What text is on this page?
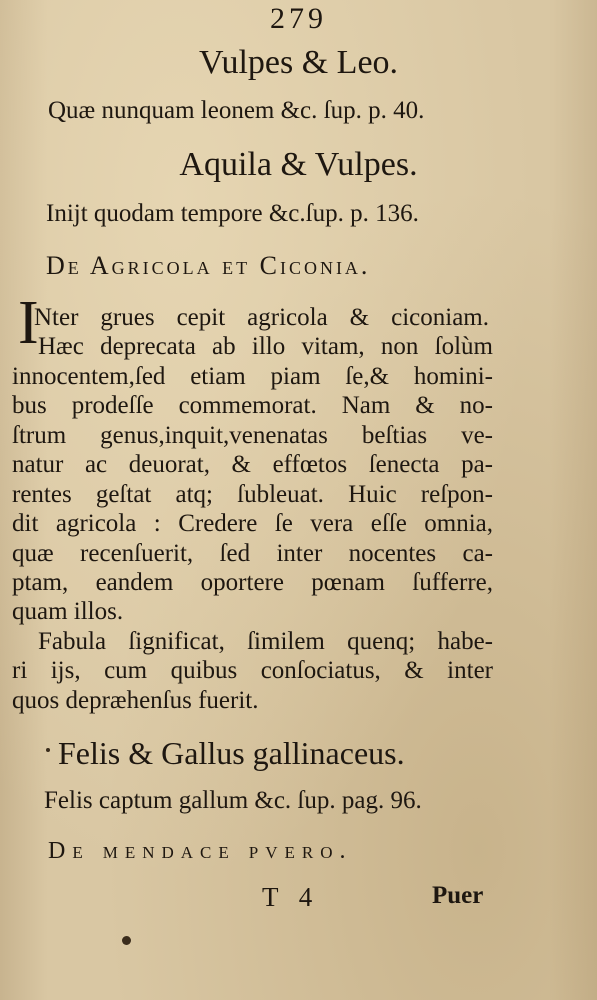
279
Vulpes & Leo.
Quæ nunquam leonem &c. ſup. p. 40.
Aquila & Vulpes.
Inijt quodam tempore &c.ſup. p. 136.
De Agricola et Ciconia.
I
Nter grues cepit agricola & ciconiam.
Hæc deprecata ab illo vitam, non ſolùm
innocentem,ſed etiam piam ſe,& homini-
bus prodeſſe commemorat. Nam & no-
ſtrum genus,inquit,venenatas beſtias ve-
natur ac deuorat, & effœtos ſenecta pa-
rentes geſtat atq; ſubleuat. Huic reſpon-
dit agricola : Credere ſe vera eſſe omnia,
quæ recenſuerit, ſed inter nocentes ca-
ptam, eandem oportere pœnam ſufferre,
quam illos.
Fabula ſignificat, ſimilem quenq; habe-
ri ijs, cum quibus conſociatus, & inter
quos depræhenſus fuerit.
Felis & Gallus gallinaceus.
Felis captum gallum &c. ſup. pag. 96.
De mendace pvero.
T 4	Puer
